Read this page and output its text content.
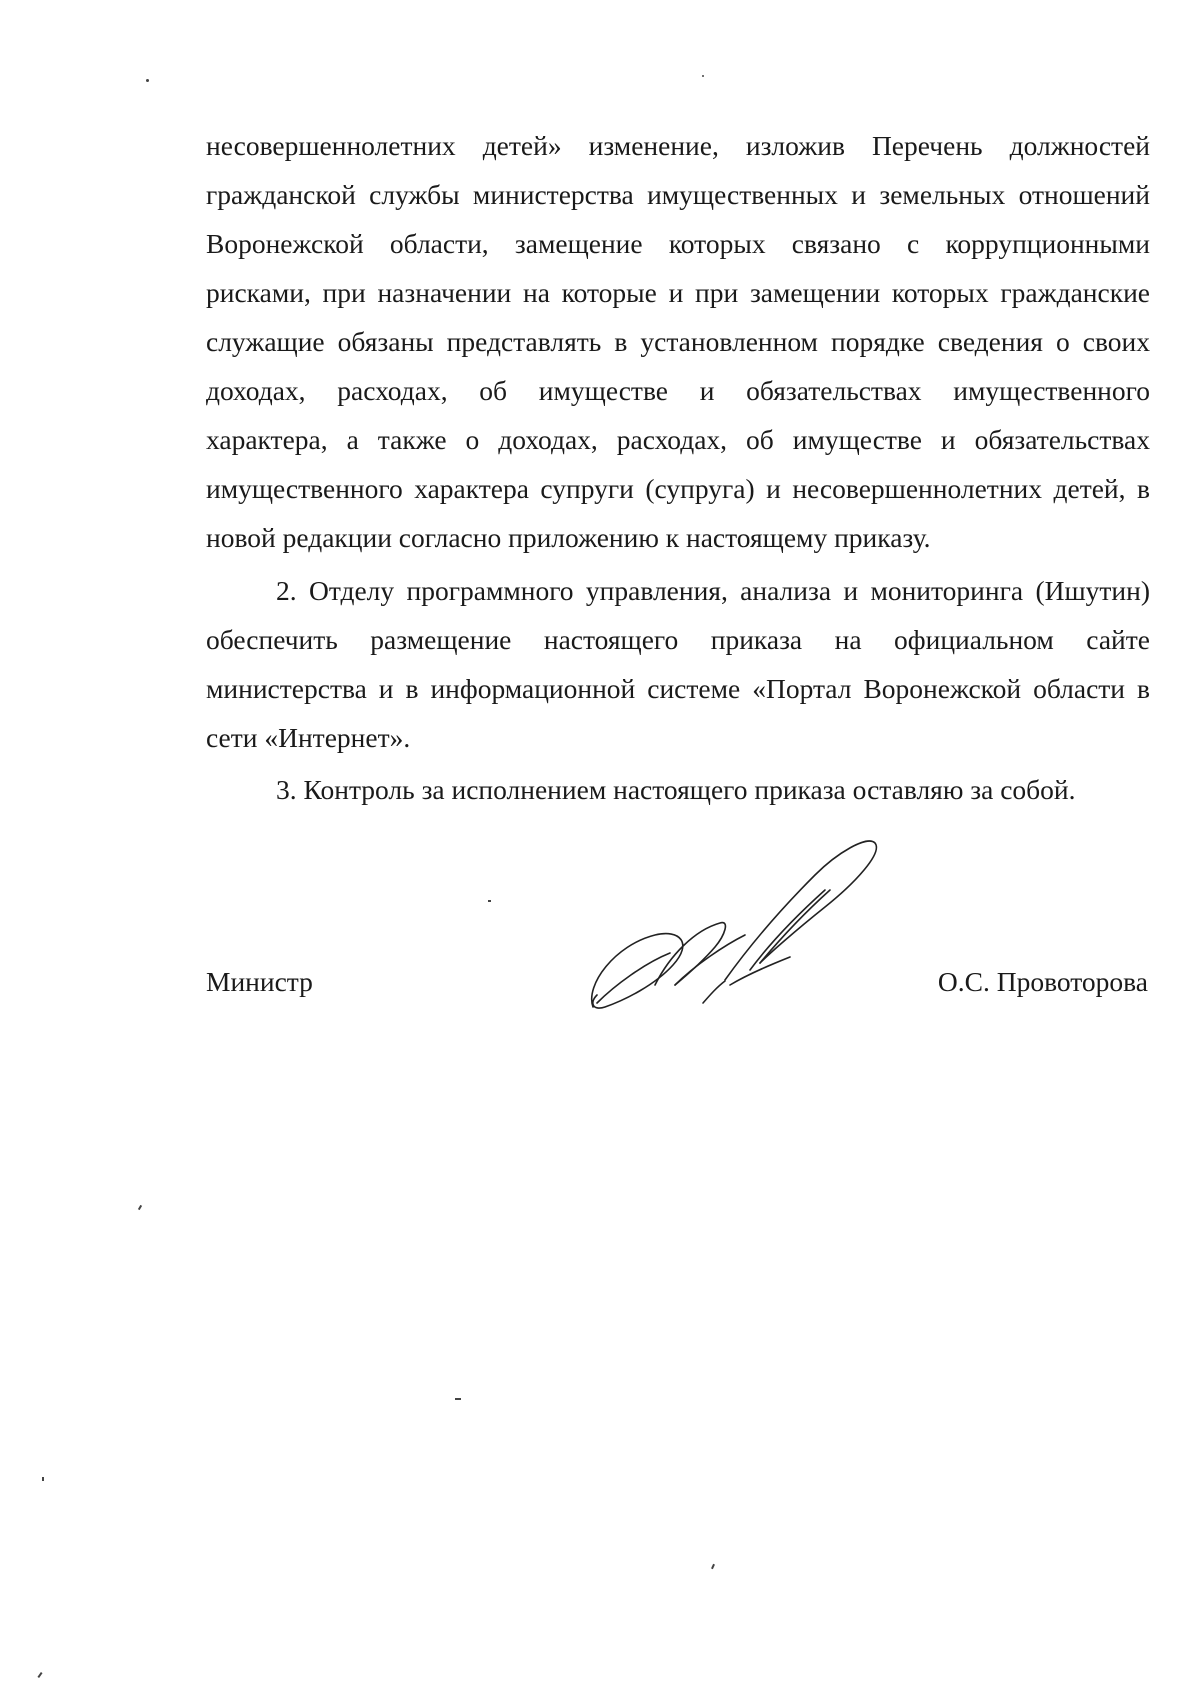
несовершеннолетних детей» изменение, изложив Перечень должностей
гражданской службы министерства имущественных и земельных отношений
Воронежской области, замещение которых связано с коррупционными
рисками, при назначении на которые и при замещении которых гражданские
служащие обязаны представлять в установленном порядке сведения о своих
доходах, расходах, об имуществе и обязательствах имущественного
характера, а также о доходах, расходах, об имуществе и обязательствах
имущественного характера супруги (супруга) и несовершеннолетних детей, в
новой редакции согласно приложению к настоящему приказу.
2. Отделу программного управления, анализа и мониторинга (Ишутин)
обеспечить размещение настоящего приказа на официальном сайте
министерства и в информационной системе «Портал Воронежской области в
сети «Интернет».
3. Контроль за исполнением настоящего приказа оставляю за собой.
Министр	О.С. Провоторова
